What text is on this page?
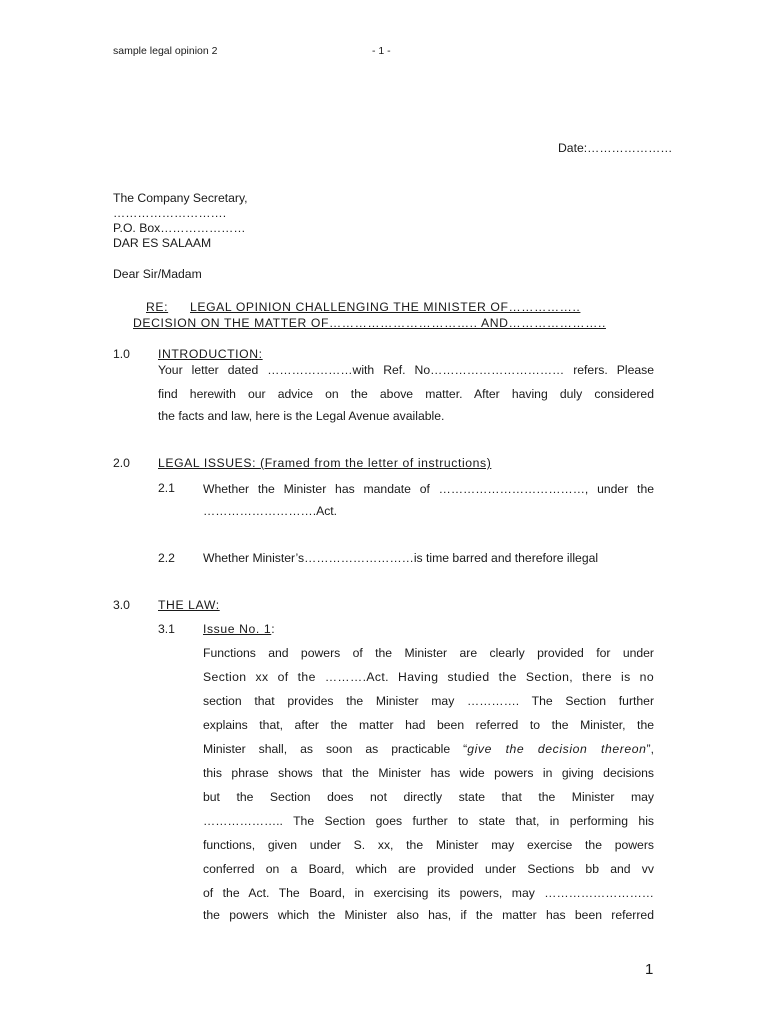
sample legal opinion 2	- 1 -
Date:…………………
The Company Secretary,
……………………….
P.O. Box…………………
DAR ES SALAAM
Dear Sir/Madam
RE: LEGAL OPINION CHALLENGING THE MINISTER OF……………..
DECISION ON THE MATTER OF…………………………….. AND…………………..
1.0 INTRODUCTION:
Your letter dated …………………with Ref. No…………………………… refers. Please
find herewith our advice on the above matter. After having duly considered
the facts and law, here is the Legal Avenue available.
2.0 LEGAL ISSUES: (Framed from the letter of instructions)
2.1 Whether the Minister has mandate of ………………………………, under the
……………………….Act.
2.2 Whether Minister’s………………………is time barred and therefore illegal
3.0 THE LAW:
3.1 Issue No. 1:
Functions and powers of the Minister are clearly provided for under
Section xx of the ……….Act. Having studied the Section, there is no
section that provides the Minister may …………. The Section further
explains that, after the matter had been referred to the Minister, the
Minister shall, as soon as practicable “give the decision thereon”,
this phrase shows that the Minister has wide powers in giving decisions
but the Section does not directly state that the Minister may
……………….. The Section goes further to state that, in performing his
functions, given under S. xx, the Minister may exercise the powers
conferred on a Board, which are provided under Sections bb and vv
of the Act. The Board, in exercising its powers, may ………………………
the powers which the Minister also has, if the matter has been referred
1
